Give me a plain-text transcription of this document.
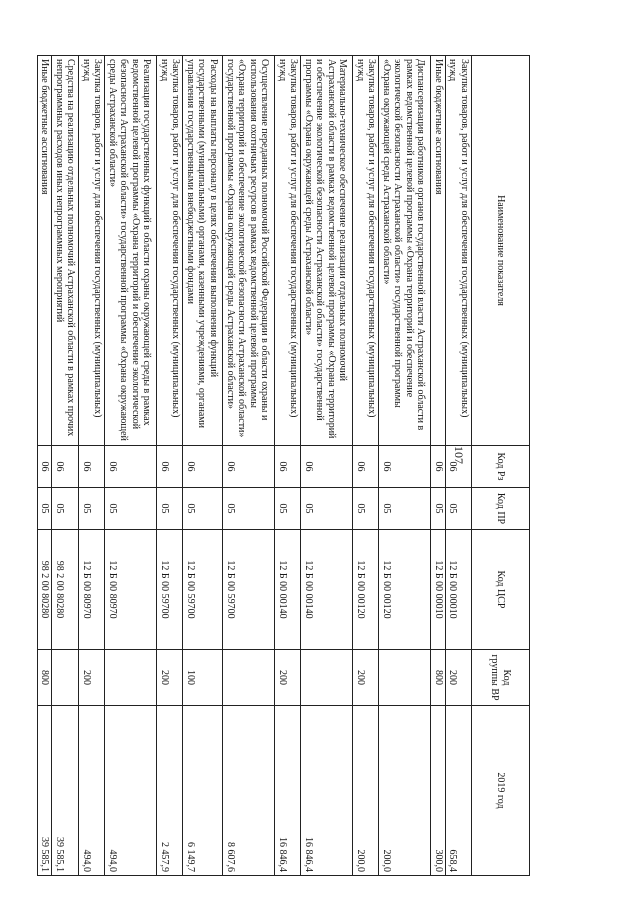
107
Наименование показателя	Код Рз	Код ПР	Код ЦСР	Код группы ВР	2019 год
Закупка товаров, работ и услуг для обеспечения государственных (муниципальных) нужд	06	05	12 Б 00 00010	200	658,4
Иные бюджетные ассигнования	06	05	12 Б 00 00010	800	300,0
Диспансеризация работников органов государственной власти Астраханской области в рамках ведомственной целевой программы «Охрана территорий и обеспечение экологической безопасности Астраханской области» государственной программы «Охрана окружающей среды Астраханской области»	06	05	12 Б 00 00120		200,0
Закупка товаров, работ и услуг для обеспечения государственных (муниципальных) нужд	06	05	12 Б 00 00120	200	200,0
Материально-техническое обеспечение реализации отдельных полномочий Астраханской области в рамках ведомственной целевой программы «Охрана территорий и обеспечение экологической безопасности Астраханской области» государственной программы «Охрана окружающей среды Астраханской области»	06	05	12 Б 00 00140		16 846,4
Закупка товаров, работ и услуг для обеспечения государственных (муниципальных) нужд	06	05	12 Б 00 00140	200	16 846,4
Осуществление переданных полномочий Российской Федерации в области охраны и использования охотничьих ресурсов в рамках ведомственной целевой программы «Охрана территорий и обеспечение экологической безопасности Астраханской области» государственной программы «Охрана окружающей среды Астраханской области»	06	05	12 Б 00 59700		8 607,6
Расходы на выплаты персоналу в целях обеспечения выполнения функций государственными (муниципальными) органами, казенными учреждениями, органами управления государственными внебюджетными фондами	06	05	12 Б 00 59700	100	6 149,7
Закупка товаров, работ и услуг для обеспечения государственных (муниципальных) нужд	06	05	12 Б 00 59700	200	2 457,9
Реализация государственных функций в области охраны окружающей среды в рамках ведомственной целевой программы «Охрана территорий и обеспечение экологической безопасности Астраханской области» государственной программы «Охрана окружающей среды Астраханской области»	06	05	12 Б 00 80970		494,0
Закупка товаров, работ и услуг для обеспечения государственных (муниципальных) нужд	06	05	12 Б 00 80970	200	494,0
Средства на реализацию отдельных полномочий Астраханской области в рамках прочих непрограммных расходов иных непрограммных мероприятий	06	05	98 2 00 80280		39 585,1
Иные бюджетные ассигнования	06	05	98 2 00 80280	800	39 585,1
